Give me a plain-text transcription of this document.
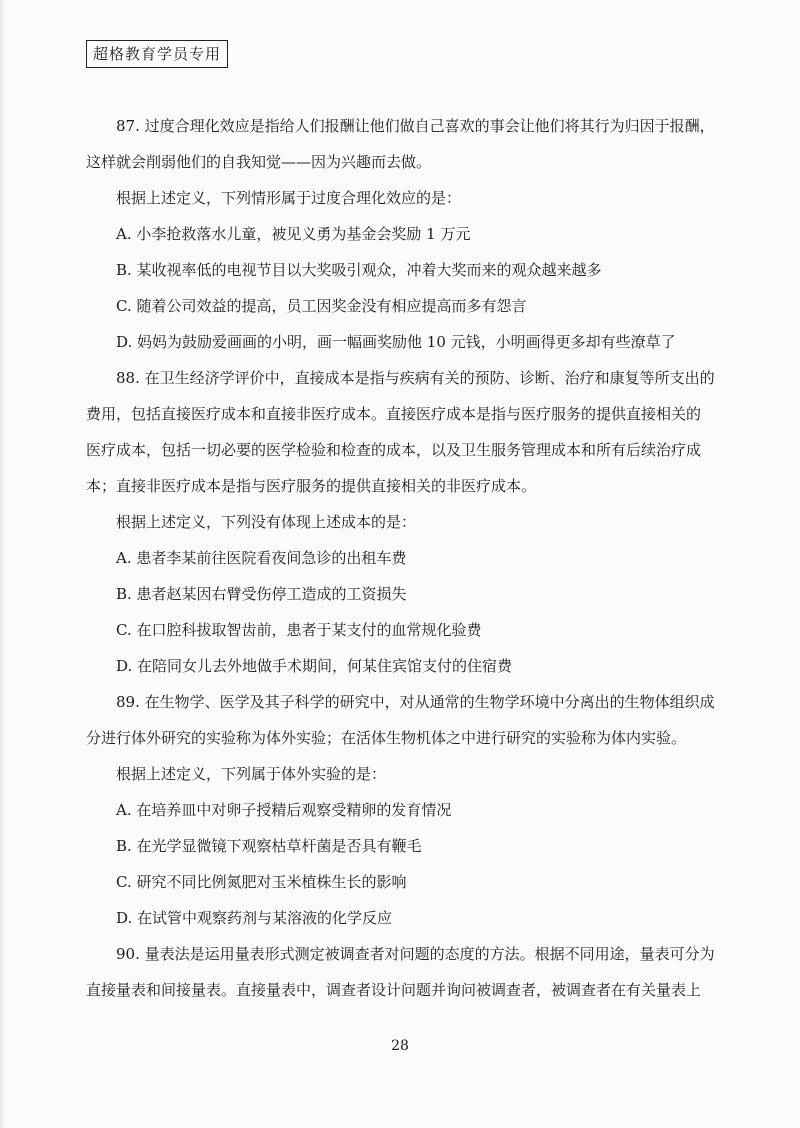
超格教育学员专用

87. 过度合理化效应是指给人们报酬让他们做自己喜欢的事会让他们将其行为归因于报酬，

这样就会削弱他们的自我知觉——因为兴趣而去做。

根据上述定义，下列情形属于过度合理化效应的是：

A. 小李抢救落水儿童，被见义勇为基金会奖励 1 万元

B. 某收视率低的电视节目以大奖吸引观众，冲着大奖而来的观众越来越多

C. 随着公司效益的提高，员工因奖金没有相应提高而多有怨言

D. 妈妈为鼓励爱画画的小明，画一幅画奖励他 10 元钱，小明画得更多却有些潦草了

88. 在卫生经济学评价中，直接成本是指与疾病有关的预防、诊断、治疗和康复等所支出的

费用，包括直接医疗成本和直接非医疗成本。直接医疗成本是指与医疗服务的提供直接相关的

医疗成本，包括一切必要的医学检验和检查的成本，以及卫生服务管理成本和所有后续治疗成

本；直接非医疗成本是指与医疗服务的提供直接相关的非医疗成本。

根据上述定义，下列没有体现上述成本的是：

A. 患者李某前往医院看夜间急诊的出租车费

B. 患者赵某因右臂受伤停工造成的工资损失

C. 在口腔科拔取智齿前，患者于某支付的血常规化验费

D. 在陪同女儿去外地做手术期间，何某住宾馆支付的住宿费

89. 在生物学、医学及其子科学的研究中，对从通常的生物学环境中分离出的生物体组织成

分进行体外研究的实验称为体外实验；在活体生物机体之中进行研究的实验称为体内实验。

根据上述定义，下列属于体外实验的是：

A. 在培养皿中对卵子授精后观察受精卵的发育情况

B. 在光学显微镜下观察枯草杆菌是否具有鞭毛

C. 研究不同比例氮肥对玉米植株生长的影响

D. 在试管中观察药剂与某溶液的化学反应

90. 量表法是运用量表形式测定被调查者对问题的态度的方法。根据不同用途，量表可分为

直接量表和间接量表。直接量表中，调查者设计问题并询问被调查者，被调查者在有关量表上

28
